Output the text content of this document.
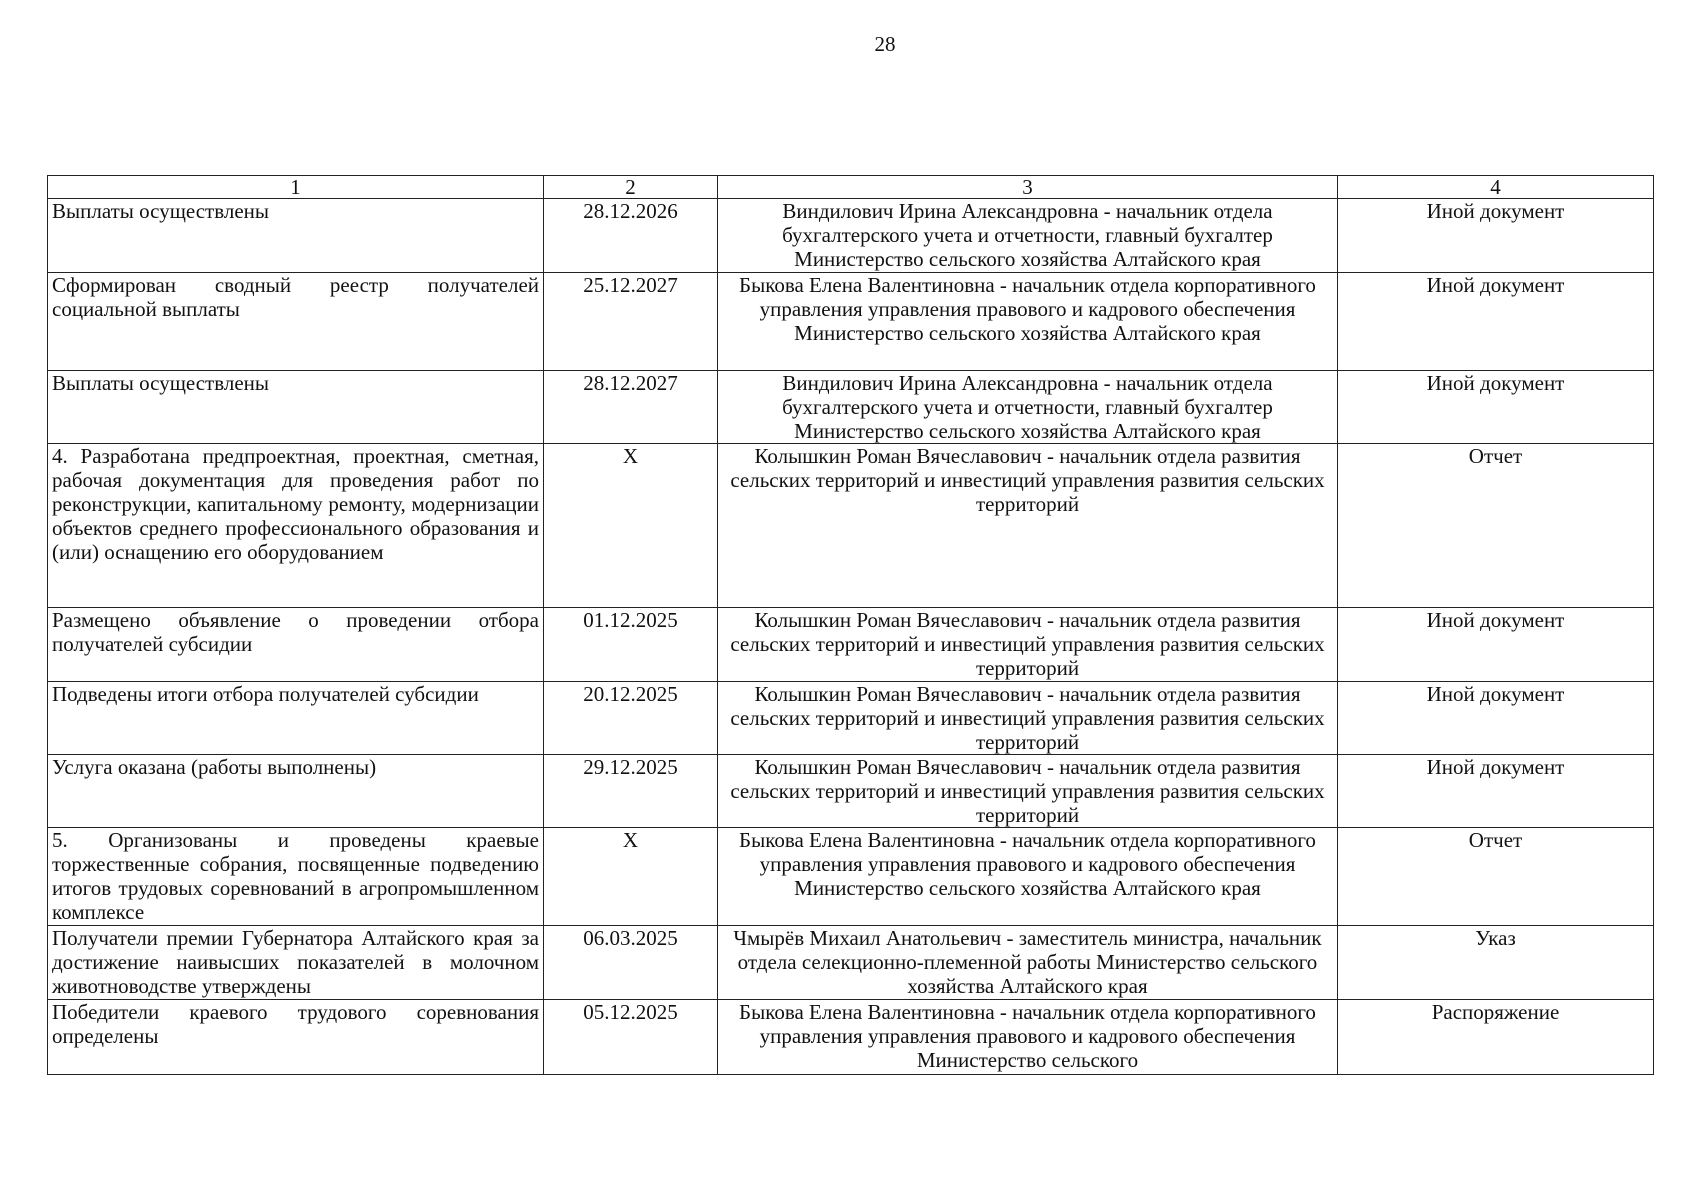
28
1	2	3	4
Выплаты осуществлены	28.12.2026	Виндилович Ирина Александровна - начальник отдела бухгалтерского учета и отчетности, главный бухгалтер Министерство сельского хозяйства Алтайского края	Иной документ
Сформирован сводный реестр получателей социальной выплаты	25.12.2027	Быкова Елена Валентиновна - начальник отдела корпоративного управления управления правового и кадрового обеспечения Министерство сельского хозяйства Алтайского края	Иной документ
Выплаты осуществлены	28.12.2027	Виндилович Ирина Александровна - начальник отдела бухгалтерского учета и отчетности, главный бухгалтер Министерство сельского хозяйства Алтайского края	Иной документ
4. Разработана предпроектная, проектная, сметная, рабочая документация для проведения работ по реконструкции, капитальному ремонту, модернизации объектов среднего профессионального образования и (или) оснащению его оборудованием	X	Колышкин Роман Вячеславович - начальник отдела развития сельских территорий и инвестиций управления развития сельских территорий	Отчет
Размещено объявление о проведении отбора получателей субсидии	01.12.2025	Колышкин Роман Вячеславович - начальник отдела развития сельских территорий и инвестиций управления развития сельских территорий	Иной документ
Подведены итоги отбора получателей субсидии	20.12.2025	Колышкин Роман Вячеславович - начальник отдела развития сельских территорий и инвестиций управления развития сельских территорий	Иной документ
Услуга оказана (работы выполнены)	29.12.2025	Колышкин Роман Вячеславович - начальник отдела развития сельских территорий и инвестиций управления развития сельских территорий	Иной документ
5. Организованы и проведены краевые торжественные собрания, посвященные подведению итогов трудовых соревнований в агропромышленном комплексе	X	Быкова Елена Валентиновна - начальник отдела корпоративного управления управления правового и кадрового обеспечения Министерство сельского хозяйства Алтайского края	Отчет
Получатели премии Губернатора Алтайского края за достижение наивысших показателей в молочном животноводстве утверждены	06.03.2025	Чмырёв Михаил Анатольевич - заместитель министра, начальник отдела селекционно-племенной работы Министерство сельского хозяйства Алтайского края	Указ
Победители краевого трудового соревнования определены	05.12.2025	Быкова Елена Валентиновна - начальник отдела корпоративного управления управления правового и кадрового обеспечения Министерство сельского	Распоряжение
